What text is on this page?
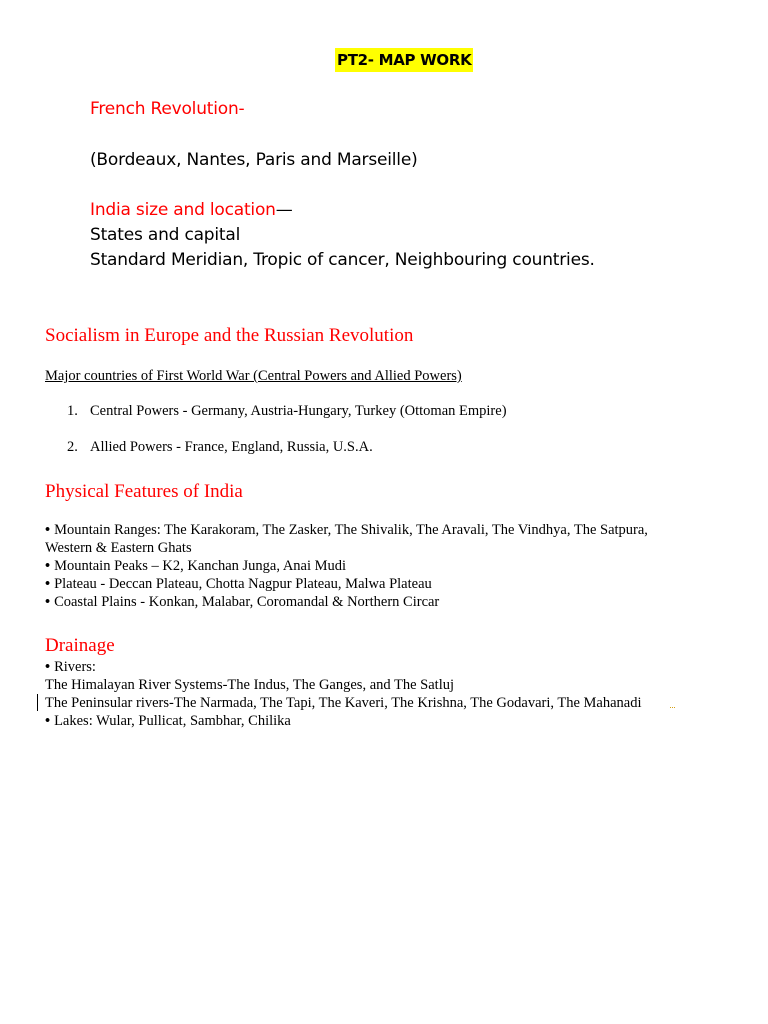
PT2- MAP WORK
French Revolution-
(Bordeaux, Nantes, Paris and Marseille)
India size and location—
States and capital
Standard Meridian, Tropic of cancer, Neighbouring countries.
Socialism in Europe and the Russian Revolution
Major countries of First World War (Central Powers and Allied Powers)
1. Central Powers - Germany, Austria-Hungary, Turkey (Ottoman Empire)
2. Allied Powers - France, England, Russia, U.S.A.
Physical Features of India
• Mountain Ranges: The Karakoram, The Zasker, The Shivalik, The Aravali, The Vindhya, The Satpura,
Western & Eastern Ghats
• Mountain Peaks – K2, Kanchan Junga, Anai Mudi
• Plateau - Deccan Plateau, Chotta Nagpur Plateau, Malwa Plateau
• Coastal Plains - Konkan, Malabar, Coromandal & Northern Circar
Drainage
• Rivers:
The Himalayan River Systems-The Indus, The Ganges, and The Satluj
The Peninsular rivers-The Narmada, The Tapi, The Kaveri, The Krishna, The Godavari, The Mahanadi
• Lakes: Wular, Pullicat, Sambhar, Chilika
